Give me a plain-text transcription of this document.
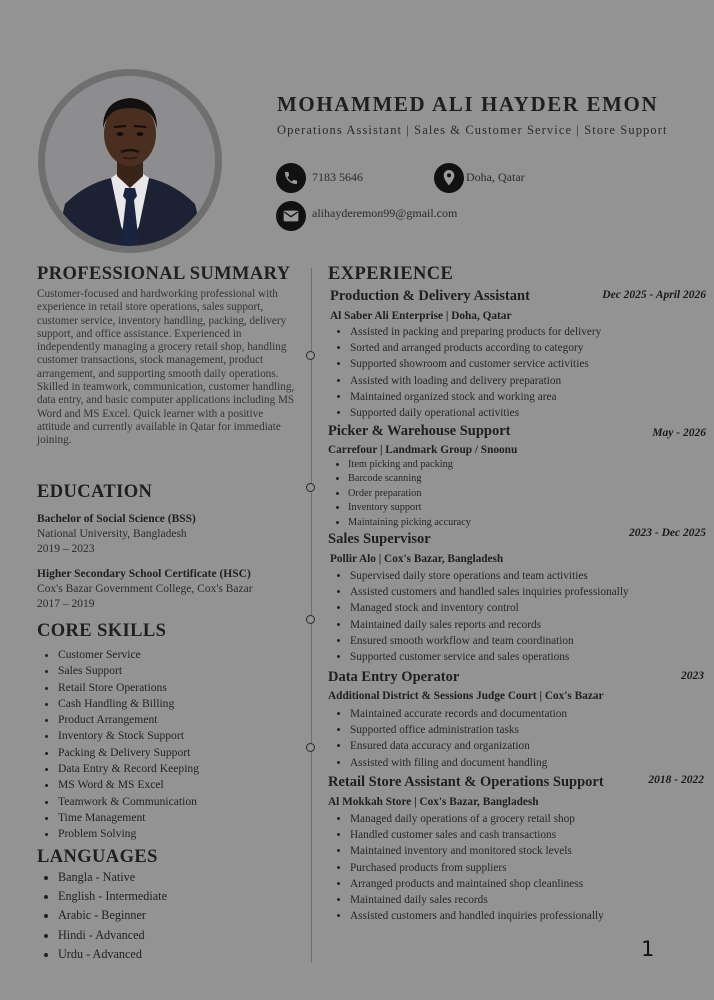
MOHAMMED ALI HAYDER EMON
Operations Assistant | Sales & Customer Service | Store Support
7183 5646	Doha, Qatar
alihayderemon99@gmail.com
PROFESSIONAL SUMMARY
Customer-focused and hardworking professional with experience in retail store operations, sales support, customer service, inventory handling, packing, delivery support, and office assistance. Experienced in independently managing a grocery retail shop, handling customer transactions, stock management, product arrangement, and supporting smooth daily operations. Skilled in teamwork, communication, customer handling, data entry, and basic computer applications including MS Word and MS Excel. Quick learner with a positive attitude and currently available in Qatar for immediate joining.
EDUCATION
Bachelor of Social Science (BSS)
National University, Bangladesh
2019 – 2023
Higher Secondary School Certificate (HSC)
Cox's Bazar Government College, Cox's Bazar
2017 – 2019
CORE SKILLS
• Customer Service
• Sales Support
• Retail Store Operations
• Cash Handling & Billing
• Product Arrangement
• Inventory & Stock Support
• Packing & Delivery Support
• Data Entry & Record Keeping
• MS Word & MS Excel
• Teamwork & Communication
• Time Management
• Problem Solving
LANGUAGES
• Bangla - Native
• English - Intermediate
• Arabic - Beginner
• Hindi - Advanced
• Urdu - Advanced
EXPERIENCE
Production & Delivery Assistant	Dec 2025 - April 2026
Al Saber Ali Enterprise | Doha, Qatar
• Assisted in packing and preparing products for delivery
• Sorted and arranged products according to category
• Supported showroom and customer service activities
• Assisted with loading and delivery preparation
• Maintained organized stock and working area
• Supported daily operational activities
Picker & Warehouse Support	May - 2026
Carrefour | Landmark Group / Snoonu
• Item picking and packing
• Barcode scanning
• Order preparation
• Inventory support
• Maintaining picking accuracy
Sales Supervisor	2023 - Dec 2025
Pollir Alo | Cox's Bazar, Bangladesh
• Supervised daily store operations and team activities
• Assisted customers and handled sales inquiries professionally
• Managed stock and inventory control
• Maintained daily sales reports and records
• Ensured smooth workflow and team coordination
• Supported customer service and sales operations
Data Entry Operator	2023
Additional District & Sessions Judge Court | Cox's Bazar
• Maintained accurate records and documentation
• Supported office administration tasks
• Ensured data accuracy and organization
• Assisted with filing and document handling
Retail Store Assistant & Operations Support	2018 - 2022
Al Mokkah Store | Cox's Bazar, Bangladesh
• Managed daily operations of a grocery retail shop
• Handled customer sales and cash transactions
• Maintained inventory and monitored stock levels
• Purchased products from suppliers
• Arranged products and maintained shop cleanliness
• Maintained daily sales records
• Assisted customers and handled inquiries professionally
1
